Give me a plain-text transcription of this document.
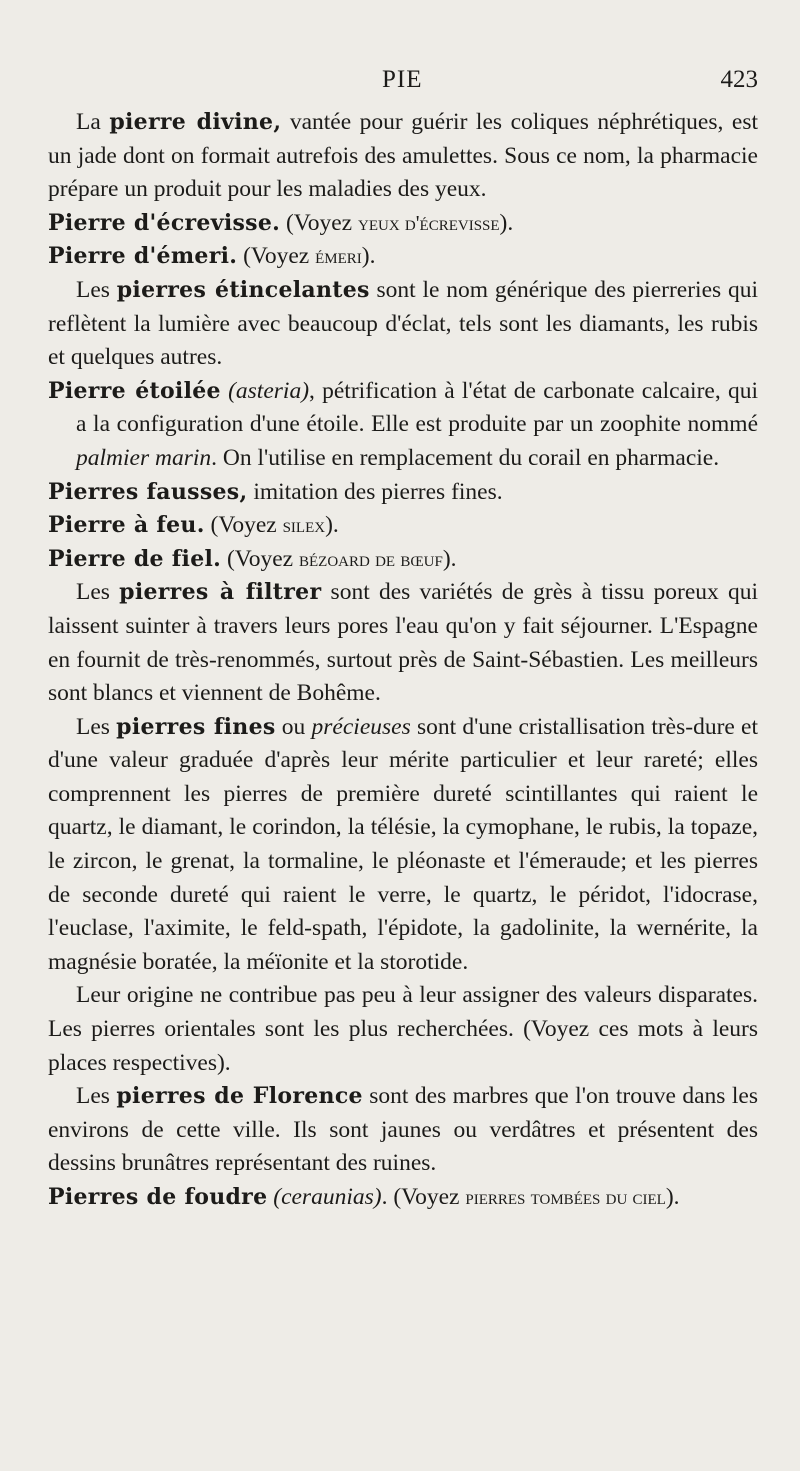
PIE	423

La pierre divine, vantée pour guérir les coliques néphrétiques, est un jade dont on formait autrefois des amulettes. Sous ce nom, la pharmacie prépare un produit pour les maladies des yeux.

Pierre d'écrevisse. (Voyez yeux d'écrevisse).

Pierre d'émeri. (Voyez émeri).

Les pierres étincelantes sont le nom générique des pierreries qui reflètent la lumière avec beaucoup d'éclat, tels sont les diamants, les rubis et quelques autres.

Pierre étoilée (asteria), pétrification à l'état de carbonate calcaire, qui a la configuration d'une étoile. Elle est produite par un zoophite nommé palmier marin. On l'utilise en remplacement du corail en pharmacie.

Pierres fausses, imitation des pierres fines.

Pierre à feu. (Voyez silex).

Pierre de fiel. (Voyez bézoard de bœuf).

Les pierres à filtrer sont des variétés de grès à tissu poreux qui laissent suinter à travers leurs pores l'eau qu'on y fait séjourner. L'Espagne en fournit de très-renommés, surtout près de Saint-Sébastien. Les meilleurs sont blancs et viennent de Bohême.

Les pierres fines ou précieuses sont d'une cristallisation très-dure et d'une valeur graduée d'après leur mérite particulier et leur rareté; elles comprennent les pierres de première dureté scintillantes qui raient le quartz, le diamant, le corindon, la télésie, la cymophane, le rubis, la topaze, le zircon, le grenat, la tormaline, le pléonaste et l'émeraude; et les pierres de seconde dureté qui raient le verre, le quartz, le péridot, l'idocrase, l'euclase, l'aximite, le feld-spath, l'épidote, la gadolinite, la wernérite, la magnésie boratée, la méïonite et la storotide.

Leur origine ne contribue pas peu à leur assigner des valeurs disparates. Les pierres orientales sont les plus recherchées. (Voyez ces mots à leurs places respectives).

Les pierres de Florence sont des marbres que l'on trouve dans les environs de cette ville. Ils sont jaunes ou verdâtres et présentent des dessins brunâtres représentant des ruines.

Pierres de foudre (ceraunias). (Voyez pierres tombées du ciel).
